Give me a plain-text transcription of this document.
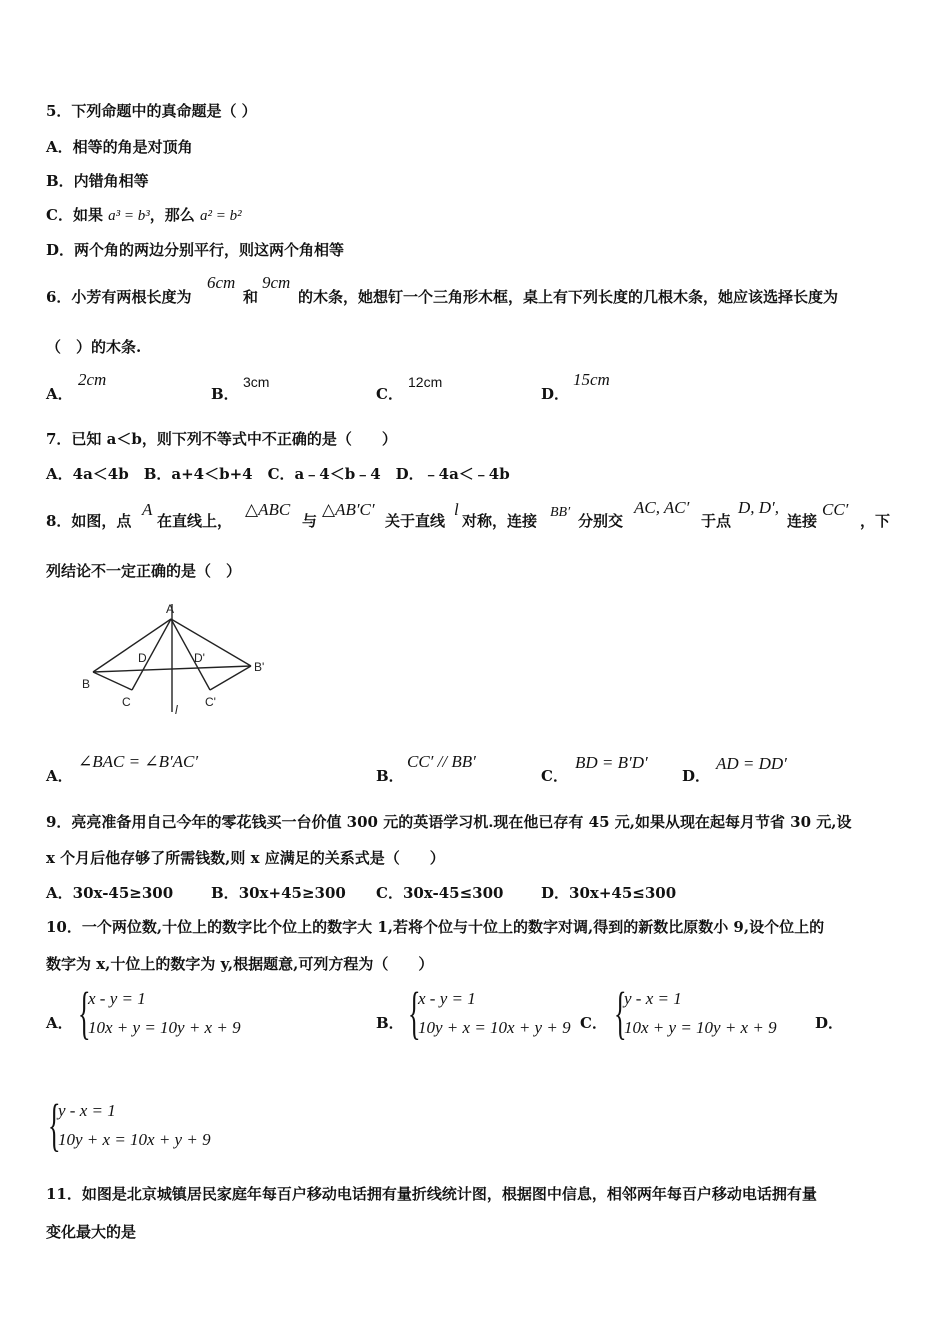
5．下列命题中的真命题是（ ）
A．相等的角是对顶角
B．内错角相等
C．如果 a³ = b³，那么 a² = b²
D．两个角的两边分别平行，则这两个角相等
6．小芳有两根长度为
6cm
和
9cm
的木条，她想钉一个三角形木框，桌上有下列长度的几根木条，她应该选择长度为
（　）的木条.
A．
2cm
B．
3cm
C．
12cm
D．
15cm
7．已知 a＜b，则下列不等式中不正确的是（　　）
A．4a＜4b　B．a+4＜b+4　C．a﹣4＜b﹣4　D．﹣4a＜﹣4b
8．如图，点
A
在直线上，
△ABC
与
△AB′C′
关于直线
l
对称，连接 BB′ 分别交
AC, AC′
于点
D, D′,
连接
CC′
，下
列结论不一定正确的是（　）
A
D	D'
B'
B
C
l
C'
A．
∠BAC = ∠B′AC′
B．
CC′ // BB′
C．
BD = B′D′
D．
AD = DD′
9．亮亮准备用自己今年的零花钱买一台价值 300 元的英语学习机.现在他已存有 45 元,如果从现在起每月节省 30 元,设
x 个月后他存够了所需钱数,则 x 应满足的关系式是（　　）
A．30x-45≥300	B．30x+45≥300 C．30x-45≤300	D．30x+45≤300
10．一个两位数,十位上的数字比个位上的数字大 1,若将个位与十位上的数字对调,得到的新数比原数小 9,设个位上的
数字为 x,十位上的数字为 y,根据题意,可列方程为（　　）
A． {
x - y = 1
10x + y = 10y + x + 9	B． {
x - y = 1
10y + x = 10x + y + 9 C． {
y - x = 1
10x + y = 10y + x + 9	D．
{
y - x = 1
10y + x = 10x + y + 9
11．如图是北京城镇居民家庭年每百户移动电话拥有量折线统计图，根据图中信息，相邻两年每百户移动电话拥有量
变化最大的是
